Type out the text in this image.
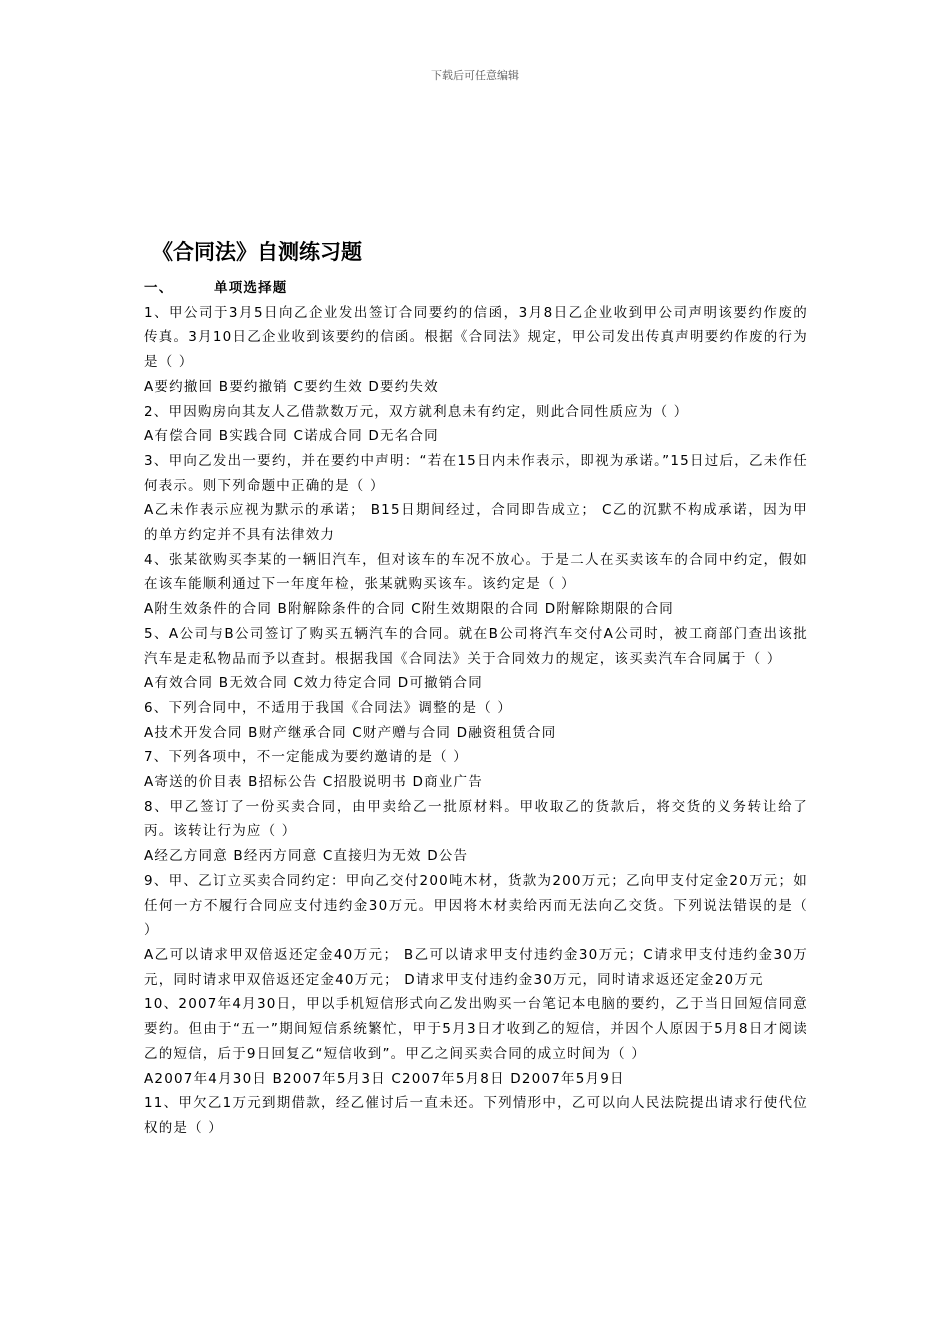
下载后可任意编辑
《合同法》自测练习题
一、	单项选择题
1、甲公司于3月5日向乙企业发出签订合同要约的信函，3月8日乙企业收到甲公司声明该要约作废的传真。3月10日乙企业收到该要约的信函。根据《合同法》规定，甲公司发出传真声明要约作废的行为是（ ）
A要约撤回 B要约撤销 C要约生效 D要约失效
2、甲因购房向其友人乙借款数万元，双方就利息未有约定，则此合同性质应为（ ）
A有偿合同 B实践合同 C诺成合同 D无名合同
3、甲向乙发出一要约，并在要约中声明：“若在15日内未作表示，即视为承诺。”15日过后，乙未作任何表示。则下列命题中正确的是（ ）
A乙未作表示应视为默示的承诺； B15日期间经过，合同即告成立； C乙的沉默不构成承诺，因为甲的单方约定并不具有法律效力
4、张某欲购买李某的一辆旧汽车，但对该车的车况不放心。于是二人在买卖该车的合同中约定，假如在该车能顺利通过下一年度年检，张某就购买该车。该约定是（ ）
A附生效条件的合同 B附解除条件的合同 C附生效期限的合同 D附解除期限的合同
5、A公司与B公司签订了购买五辆汽车的合同。就在B公司将汽车交付A公司时，被工商部门查出该批汽车是走私物品而予以查封。根据我国《合同法》关于合同效力的规定，该买卖汽车合同属于（ ）
A有效合同 B无效合同 C效力待定合同 D可撤销合同
6、下列合同中，不适用于我国《合同法》调整的是（ ）
A技术开发合同 B财产继承合同 C财产赠与合同 D融资租赁合同
7、下列各项中，不一定能成为要约邀请的是（ ）
A寄送的价目表 B招标公告 C招股说明书 D商业广告
8、甲乙签订了一份买卖合同，由甲卖给乙一批原材料。甲收取乙的货款后，将交货的义务转让给了丙。该转让行为应（ ）
A经乙方同意 B经丙方同意 C直接归为无效 D公告
9、甲、乙订立买卖合同约定：甲向乙交付200吨木材，货款为200万元；乙向甲支付定金20万元；如任何一方不履行合同应支付违约金30万元。甲因将木材卖给丙而无法向乙交货。下列说法错误的是（ ）
A乙可以请求甲双倍返还定金40万元； B乙可以请求甲支付违约金30万元；C请求甲支付违约金30万元，同时请求甲双倍返还定金40万元； D请求甲支付违约金30万元，同时请求返还定金20万元
10、2007年4月30日，甲以手机短信形式向乙发出购买一台笔记本电脑的要约，乙于当日回短信同意要约。但由于“五一”期间短信系统繁忙，甲于5月3日才收到乙的短信，并因个人原因于5月8日才阅读乙的短信，后于9日回复乙“短信收到”。甲乙之间买卖合同的成立时间为（ ）
A2007年4月30日 B2007年5月3日 C2007年5月8日 D2007年5月9日
11、甲欠乙1万元到期借款，经乙催讨后一直未还。下列情形中，乙可以向人民法院提出请求行使代位权的是（ ）
